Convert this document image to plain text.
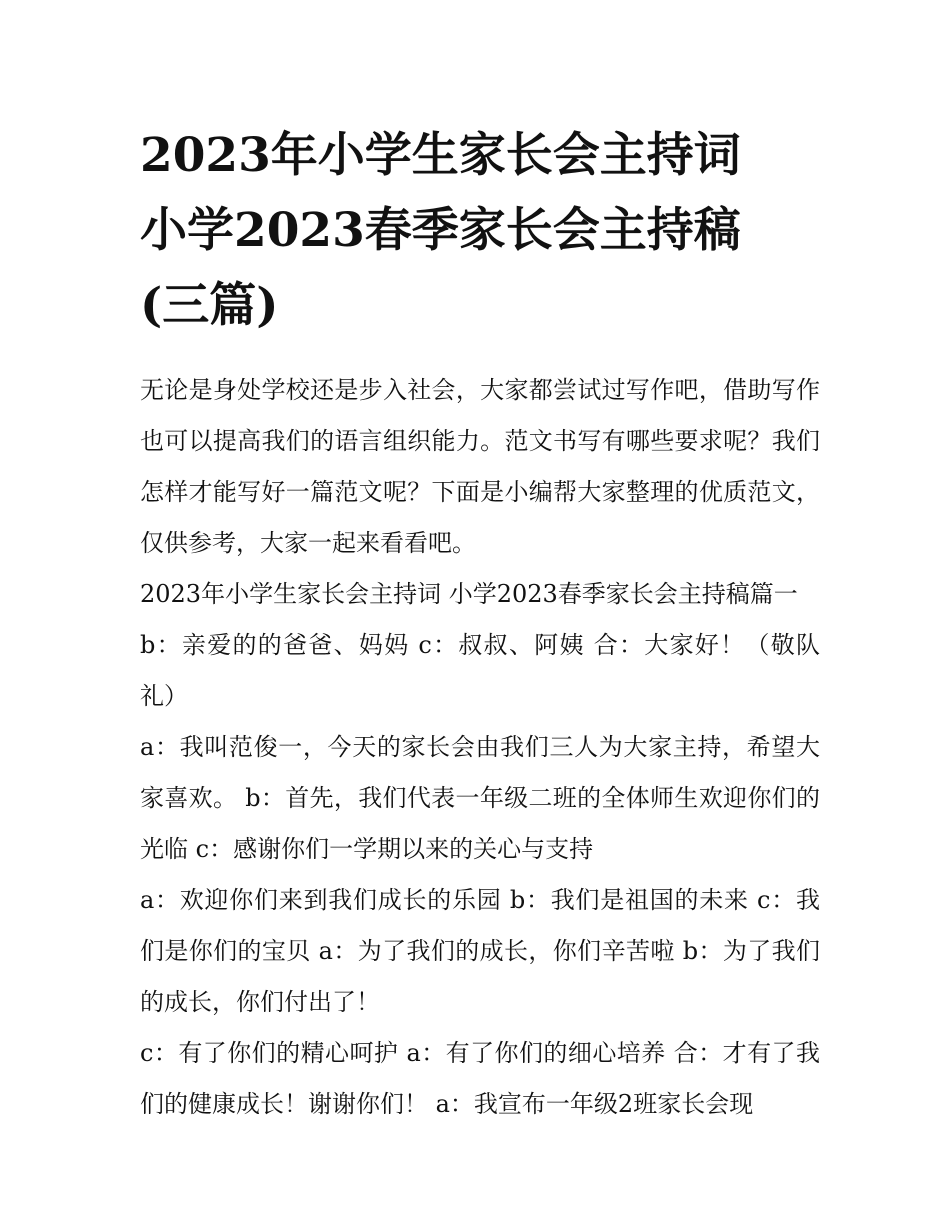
2023年小学生家长会主持词
小学2023春季家长会主持稿
(三篇)

无论是身处学校还是步入社会，大家都尝试过写作吧，借助写作也可以提高我们的语言组织能力。范文书写有哪些要求呢？我们怎样才能写好一篇范文呢？下面是小编帮大家整理的优质范文，仅供参考，大家一起来看看吧。

2023年小学生家长会主持词 小学2023春季家长会主持稿篇一

b：亲爱的的爸爸、妈妈 c：叔叔、阿姨 合：大家好！（敬队礼）

a：我叫范俊一，今天的家长会由我们三人为大家主持，希望大家喜欢。 b：首先，我们代表一年级二班的全体师生欢迎你们的光临 c：感谢你们一学期以来的关心与支持

a：欢迎你们来到我们成长的乐园 b：我们是祖国的未来 c：我们是你们的宝贝 a：为了我们的成长，你们辛苦啦 b：为了我们的成长，你们付出了！

c：有了你们的精心呵护 a：有了你们的细心培养 合：才有了我们的健康成长！谢谢你们！ a：我宣布一年级2班家长会现
